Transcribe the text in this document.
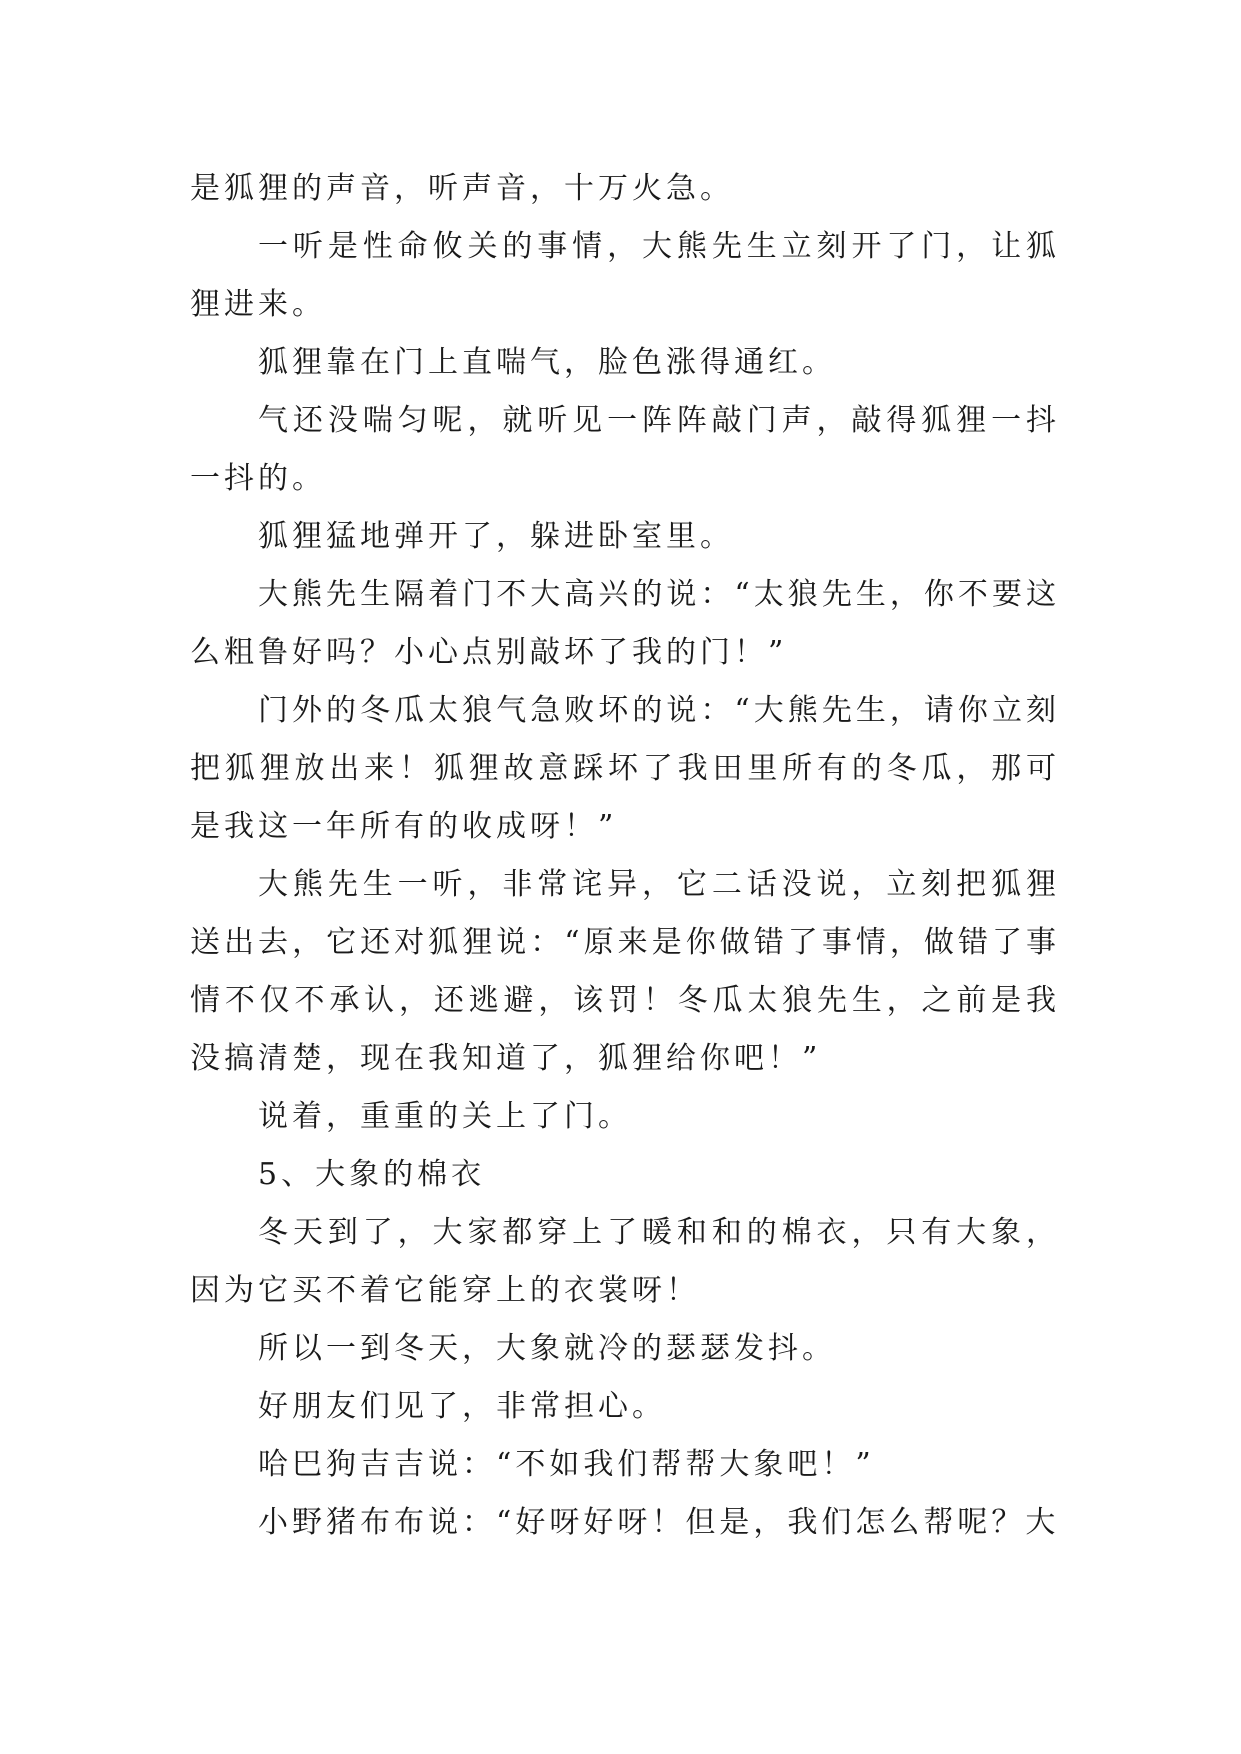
是狐狸的声音，听声音，十万火急。

一听是性命攸关的事情，大熊先生立刻开了门，让狐狸进来。

狐狸靠在门上直喘气，脸色涨得通红。

气还没喘匀呢，就听见一阵阵敲门声，敲得狐狸一抖一抖的。

狐狸猛地弹开了，躲进卧室里。

大熊先生隔着门不大高兴的说：“太狼先生，你不要这么粗鲁好吗？小心点别敲坏了我的门！”

门外的冬瓜太狼气急败坏的说：“大熊先生，请你立刻把狐狸放出来！狐狸故意踩坏了我田里所有的冬瓜，那可是我这一年所有的收成呀！”

大熊先生一听，非常诧异，它二话没说，立刻把狐狸送出去，它还对狐狸说：“原来是你做错了事情，做错了事情不仅不承认，还逃避，该罚！冬瓜太狼先生，之前是我没搞清楚，现在我知道了，狐狸给你吧！”

说着，重重的关上了门。

5、大象的棉衣

冬天到了，大家都穿上了暖和和的棉衣，只有大象，因为它买不着它能穿上的衣裳呀！

所以一到冬天，大象就冷的瑟瑟发抖。

好朋友们见了，非常担心。

哈巴狗吉吉说：“不如我们帮帮大象吧！”

小野猪布布说：“好呀好呀！但是，我们怎么帮呢？大
